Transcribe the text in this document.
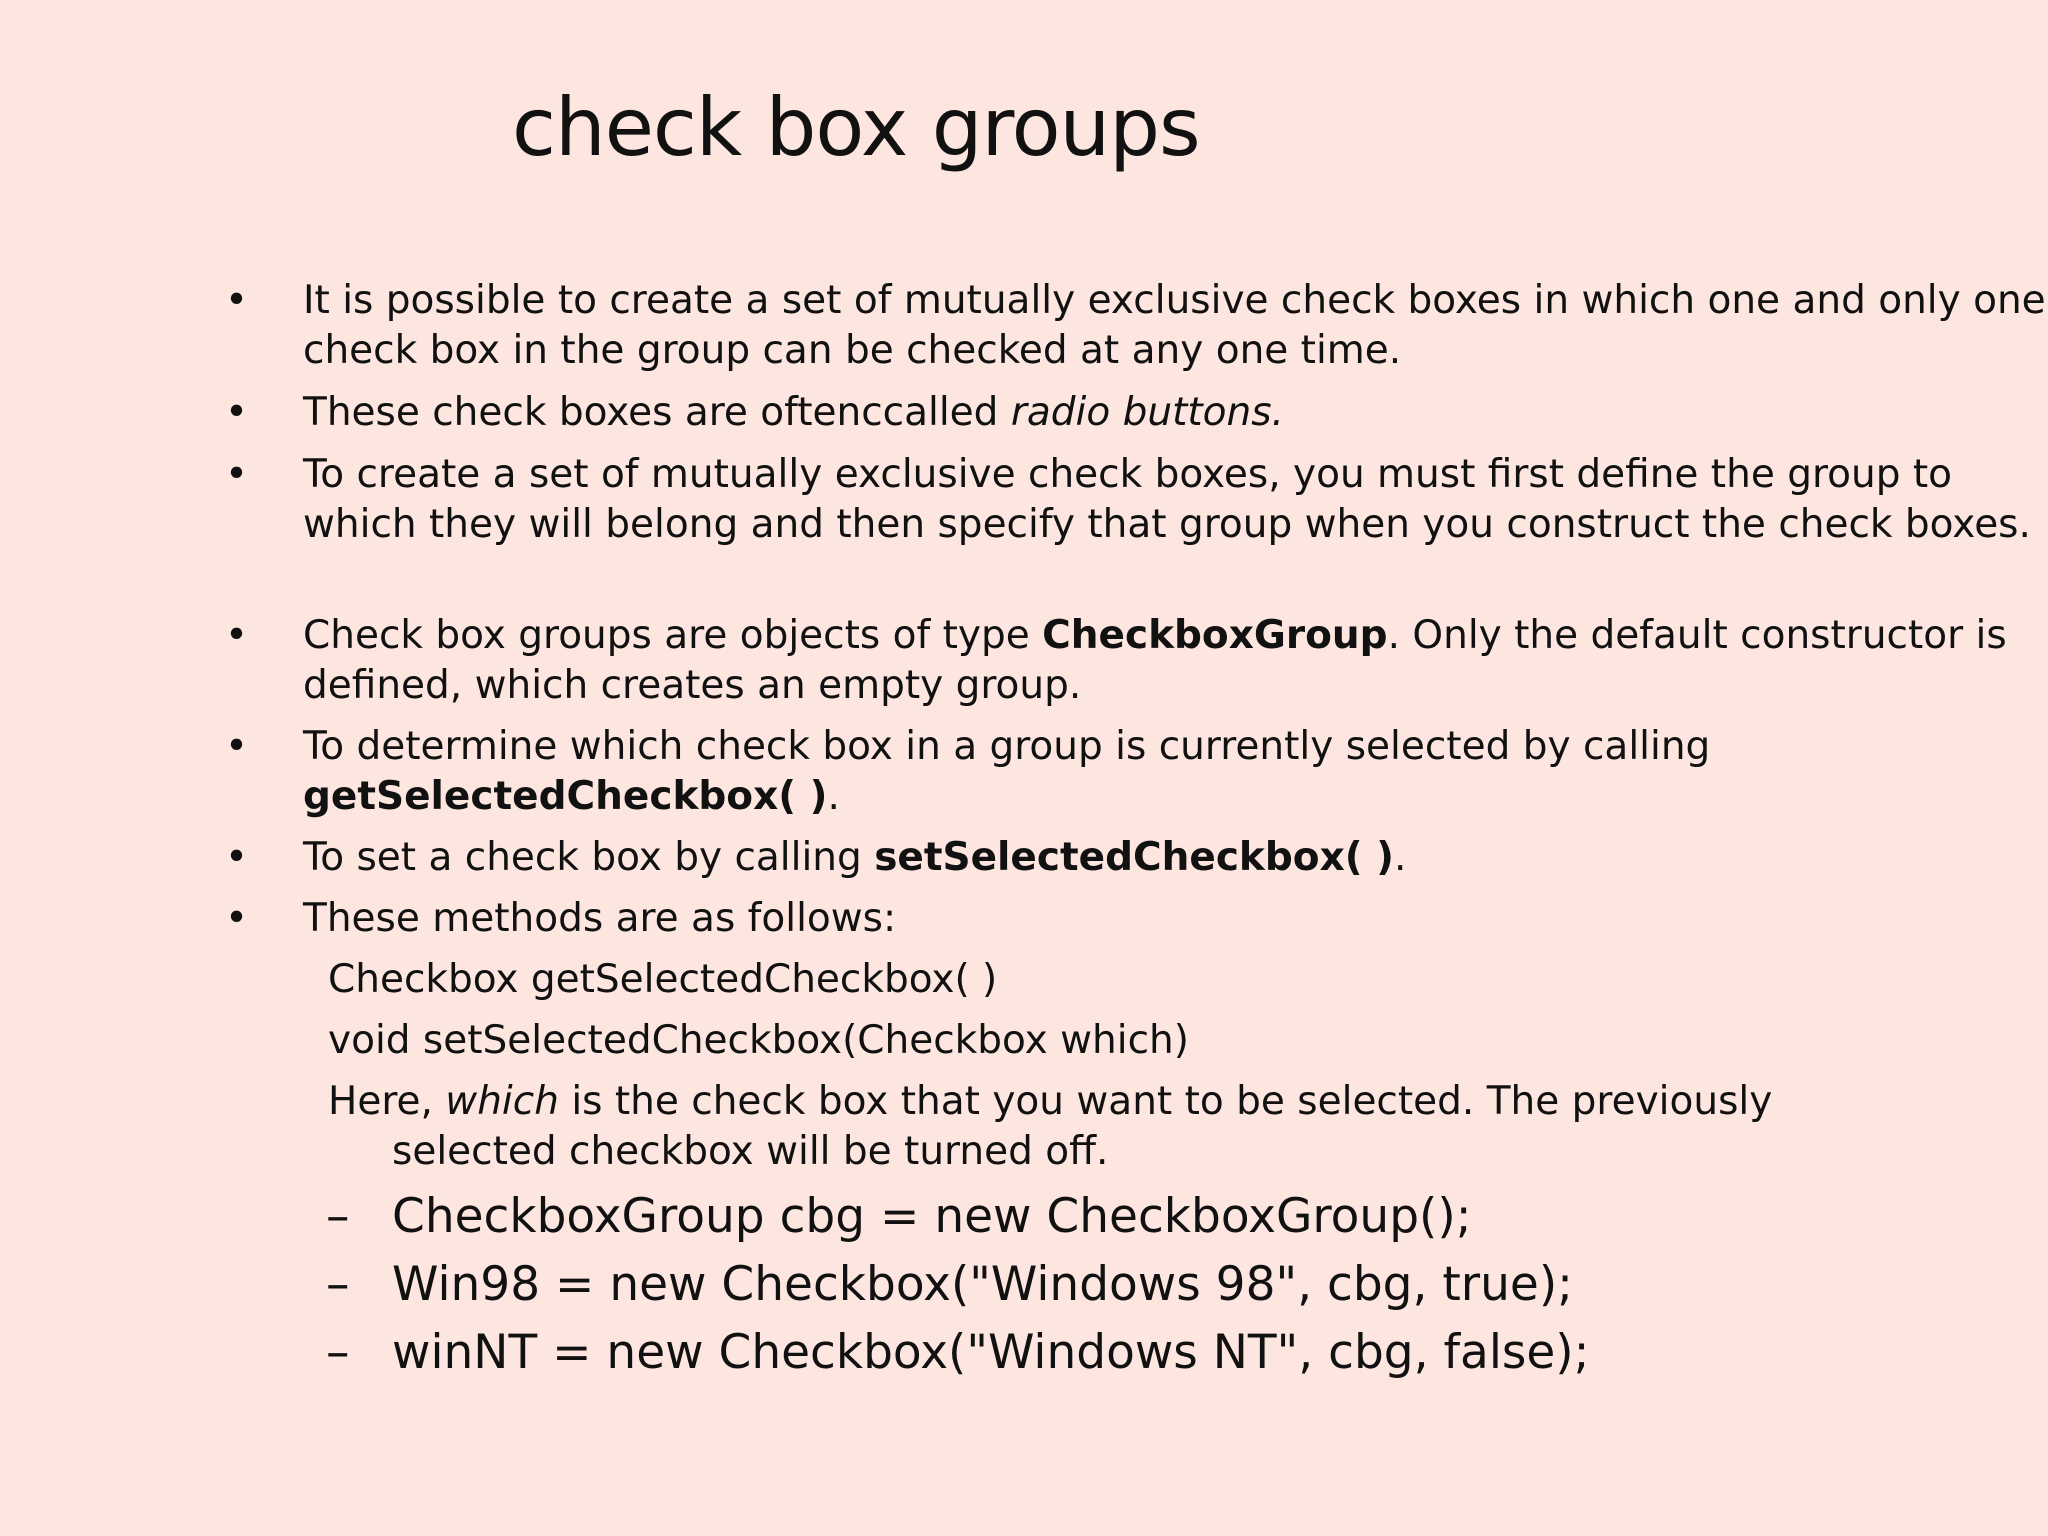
check box groups
• It is possible to create a set of mutually exclusive check boxes in which one and only one check box in the group can be checked at any one time.
• These check boxes are oftenccalled radio buttons.
• To create a set of mutually exclusive check boxes, you must first define the group to which they will belong and then specify that group when you construct the check boxes.
• Check box groups are objects of type CheckboxGroup. Only the default constructor is defined, which creates an empty group.
• To determine which check box in a group is currently selected by calling getSelectedCheckbox( ).
• To set a check box by calling setSelectedCheckbox( ).
• These methods are as follows:
Checkbox getSelectedCheckbox( )
void setSelectedCheckbox(Checkbox which)
Here, which is the check box that you want to be selected. The previously
selected checkbox will be turned off.
– CheckboxGroup cbg = new CheckboxGroup();
– Win98 = new Checkbox("Windows 98", cbg, true);
– winNT = new Checkbox("Windows NT", cbg, false);
